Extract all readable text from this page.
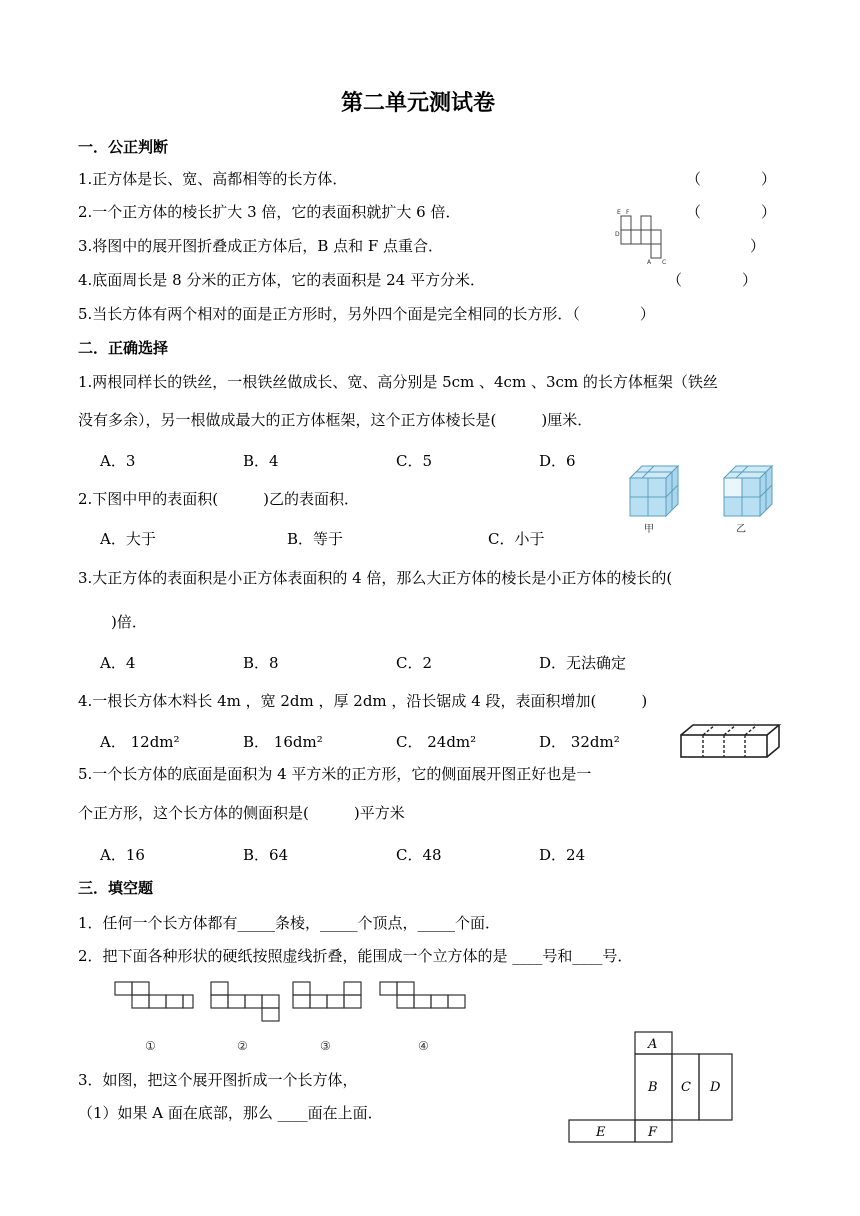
第二单元测试卷
一．公正判断
1.正方体是长、宽、高都相等的长方体．	（　　　　）
2.一个正方体的棱长扩大 3 倍，它的表面积就扩大 6 倍．	（　　　　）
3.将图中的展开图折叠成正方体后，B 点和 F 点重合．	　　　　）
4.底面周长是 8 分米的正方体，它的表面积是 24 平方分米．	（　　　　）
5.当长方体有两个相对的面是正方形时，另外四个面是完全相同的长方形．（　　　　）
E F
D
A C
二．正确选择
1.两根同样长的铁丝，一根铁丝做成长、宽、高分别是 5cm 、4cm 、3cm 的长方体框架（铁丝
没有多余），另一根做成最大的正方体框架，这个正方体棱长是(　　　)厘米．
A．3	B．4	C．5	D．6
2.下图中甲的表面积(　　　)乙的表面积．
A．大于	B．等于	C．小于
甲	乙
3.大正方体的表面积是小正方体表面积的 4 倍，那么大正方体的棱长是小正方体的棱长的(
　)倍．
A．4	B．8	C．2	D．无法确定
4.一根长方体木料长 4m ，宽 2dm ，厚 2dm ，沿长锯成 4 段，表面积增加(　　　)
A． 12dm²	B． 16dm²	C． 24dm²	D． 32dm²
5.一个长方体的底面是面积为 4 平方米的正方形，它的侧面展开图正好也是一
个正方形，这个长方体的侧面积是(　　　)平方米
A．16	B．64	C．48	D．24
三．填空题
1．任何一个长方体都有_____条棱，_____个顶点，_____个面．
2．把下面各种形状的硬纸按照虚线折叠，能围成一个立方体的是 ____号和____号．
①	②	③	④
3．如图，把这个展开图折成一个长方体，
（1）如果 A 面在底部，那么 ____面在上面．
A
B C D
E	F
